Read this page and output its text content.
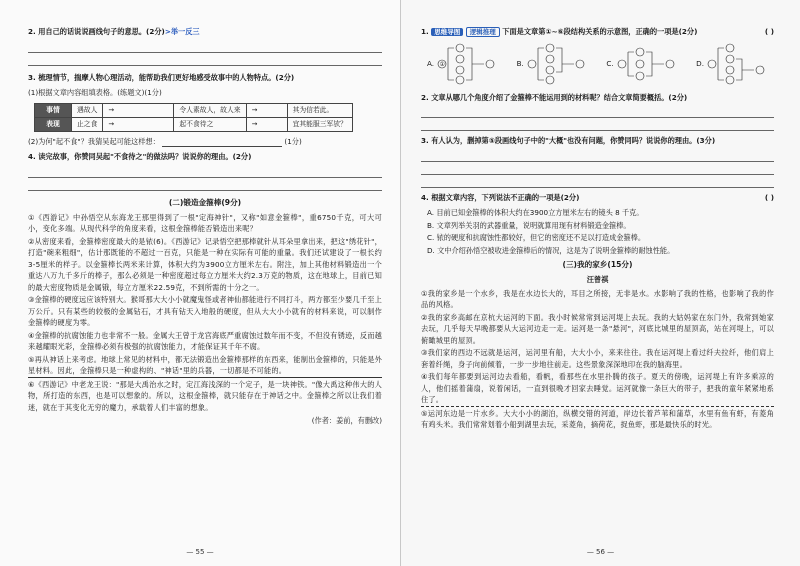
2. 用自己的话说说画线句子的意思。(2分)>举一反三
3. 梳理情节，揣摩人物心理活动，能帮助我们更好地感受故事中的人物特点。(2分)
(1)根据文章内容组填表格。(练题文)(1分)
事情	遇故人	→	令人素故人，故人来	→	其为信若此。
表现	止之食	→	起不食待之	→	宜其能服三军欤？
(2)为何"起不食"？我猜吴起可能这样想：	(1分)
4. 读完故事，你赞同吴起"不食待之"的做法吗？说说你的理由。(2分)
(二)锻造金箍棒(9分)
①《西游记》中孙悟空从东海龙王那里得到了一根"定海神针"，又称"如意金箍棒"，重6750千克，可大可小，变化多端。从现代科学的角度来看，这根金箍棒能否锻造出来呢？
②从密度来看，金箍棒密度最大的是铱(6)。《西游记》记录悟空把那棒就针从耳朵里拿出来，把这"绣花针"，打造"碗来粗细"，估计那既能的不超过一百克，只能是一种在实际有可能的重量。我们还试建设了一根长约3-5厘米的样子。以金箍棒长两米来计算，体积大约为3900立方厘米左右。附注，加上其他材料锻造出一个重达八万九千多斤的棒子，那么必须是一种密度超过每立方厘米大约2.3万克的物质，这在地球上，目前已知的最大密度物质是金属锇，每立方厘米22.59克，不到所需的十分之一。
③金箍棒的硬度远应该特别大。猴哥那大大小小就魔鬼怪或者神仙都能进行不同打斗，两方都至少要几千至上万公斤。只有某些的较极的金属钻石，才具有钻天入地般的硬度，但从大大小小就有的材料来说，可以制作金箍棒的硬度为零。
④金箍棒的抗腐蚀能力也非常不一般。金属大王曾于龙宫海底严重腐蚀过数年而不变，不但没有锈迹，反而越来越耀眼光彩，金箍棒必须有极强的抗腐蚀能力，才能保证其千年不腐。
⑤再从神话上来考虑。地球上常见的材料中，都无法锻造出金箍棒那样的东西来，能制出金箍棒的，只能是外星材料。因此，金箍棒只是一种虚构的、"神话"里的兵器，一切都是不可能的。
⑥《西游记》中老龙王说："那是大禹治水之时，定江海浅深的一个定子，是一块神铁。"像大禹这种伟大的人物，所打造的东西，也是可以想象的。所以，这根金箍棒，就只能存在于神话之中。金箍棒之所以让我们着迷，就在于其变化无穷的魔力，承载着人们丰富的想象。
(作者：姜前，有删改)
— 55 —
1. 思维导图 逻辑推理 下面是文章第①~⑥段结构关系的示意图，正确的一项是(2分)	( )
A. ①	B.	C.	D.
2. 文章从哪几个角度介绍了金箍棒不能运用到的材料呢？结合文章简要概括。(2分)
3. 有人认为，删掉第⑤段画线句子中的"大概"也没有问题，你赞同吗？说说你的理由。(3分)
4. 根据文章内容，下列说法不正确的一项是(2分)	( )
A. 目前已知金箍棒的体积大约在3900立方厘米左右的镜头 8 千克。
B. 文章列举关羽的武器重量，说明就算用现有材料锻造金箍棒。
C. 铱的硬度和抗腐蚀性都较好，但它的密度还不足以打造成金箍棒。
D. 文中介绍孙悟空被收进金箍棒后的情况，这是为了说明金箍棒的耐蚀性能。
(三)我的家乡(15分)
汪曾祺
①我的家乡是一个水乡，我是在水边长大的，耳目之所接，无非是水。水影响了我的性格，也影响了我的作品的风格。
②我的家乡高邮在京杭大运河的下面。我小时候常常到运河堤上去玩。我的大姑妈家在东门外，我常到她家去玩，几乎每天早晚都要从大运河边走一走。运河是一条"悬河"，河底比城里的屋顶高，站在河堤上，可以俯瞰城里的屋顶。
③我们家的西边不远就是运河，运河里有船，大大小小，来来往往。我在运河堤上看过纤夫拉纤，他们肩上套着纤绳，身子向前倾着，一步一步地往前走。这些景象深深地印在我的脑海里。
④我们每年都要到运河边去看船，看帆，看那些在水里扑腾的孩子。夏天的傍晚，运河堤上有许多乘凉的人，他们摇着蒲扇，说着闲话，一直到很晚才回家去睡觉。运河就像一条巨大的带子，把我的童年紧紧地系住了。
⑤运河东边是一片水乡。大大小小的湖泊，纵横交错的河道，岸边长着芦苇和蒲草，水里有鱼有虾，有菱角有鸡头米。我们常常划着小船到湖里去玩，采菱角，摘荷花，捉鱼虾，那是最快乐的时光。
— 56 —
